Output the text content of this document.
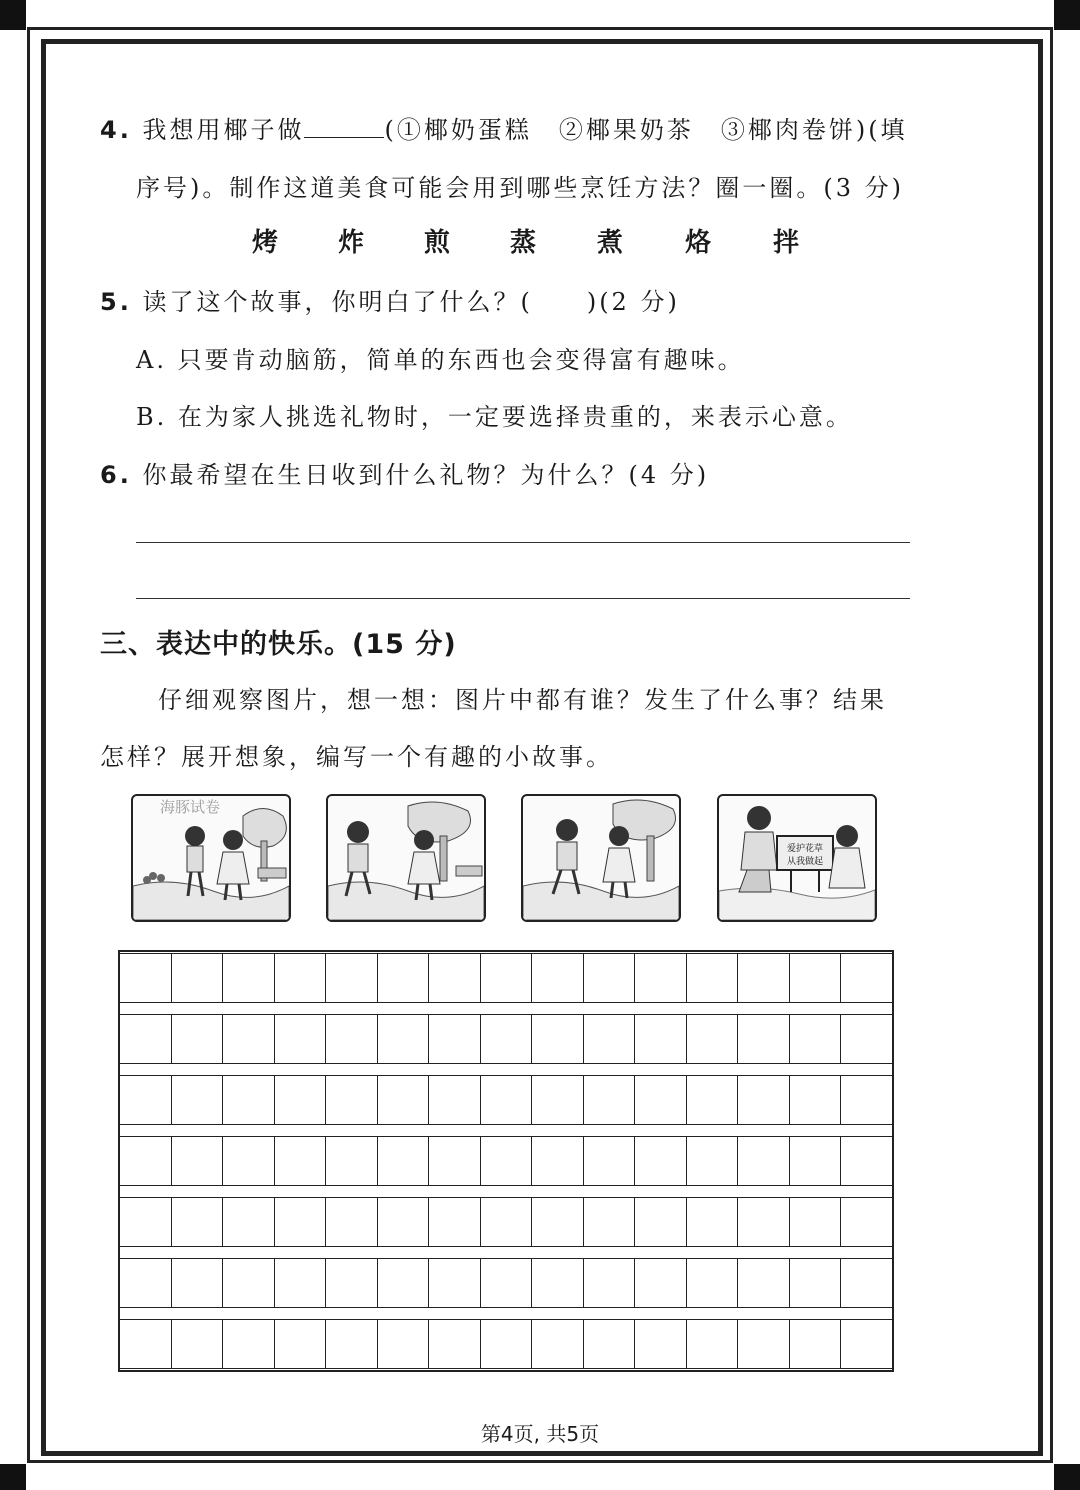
4. 我想用椰子做	(①椰奶蛋糕　②椰果奶茶　③椰肉卷饼)(填
序号)。制作这道美食可能会用到哪些烹饪方法？圈一圈。(3 分)
烤 炸 煎 蒸 煮 烙 拌
5. 读了这个故事，你明白了什么？(　　)(2 分)
A. 只要肯动脑筋，简单的东西也会变得富有趣味。
B. 在为家人挑选礼物时，一定要选择贵重的，来表示心意。
6. 你最希望在生日收到什么礼物？为什么？(4 分)
三、表达中的快乐。(15 分)
仔细观察图片，想一想：图片中都有谁？发生了什么事？结果
怎样？展开想象，编写一个有趣的小故事。
海豚试卷
爱护花草
从我做起
第4页, 共5页
